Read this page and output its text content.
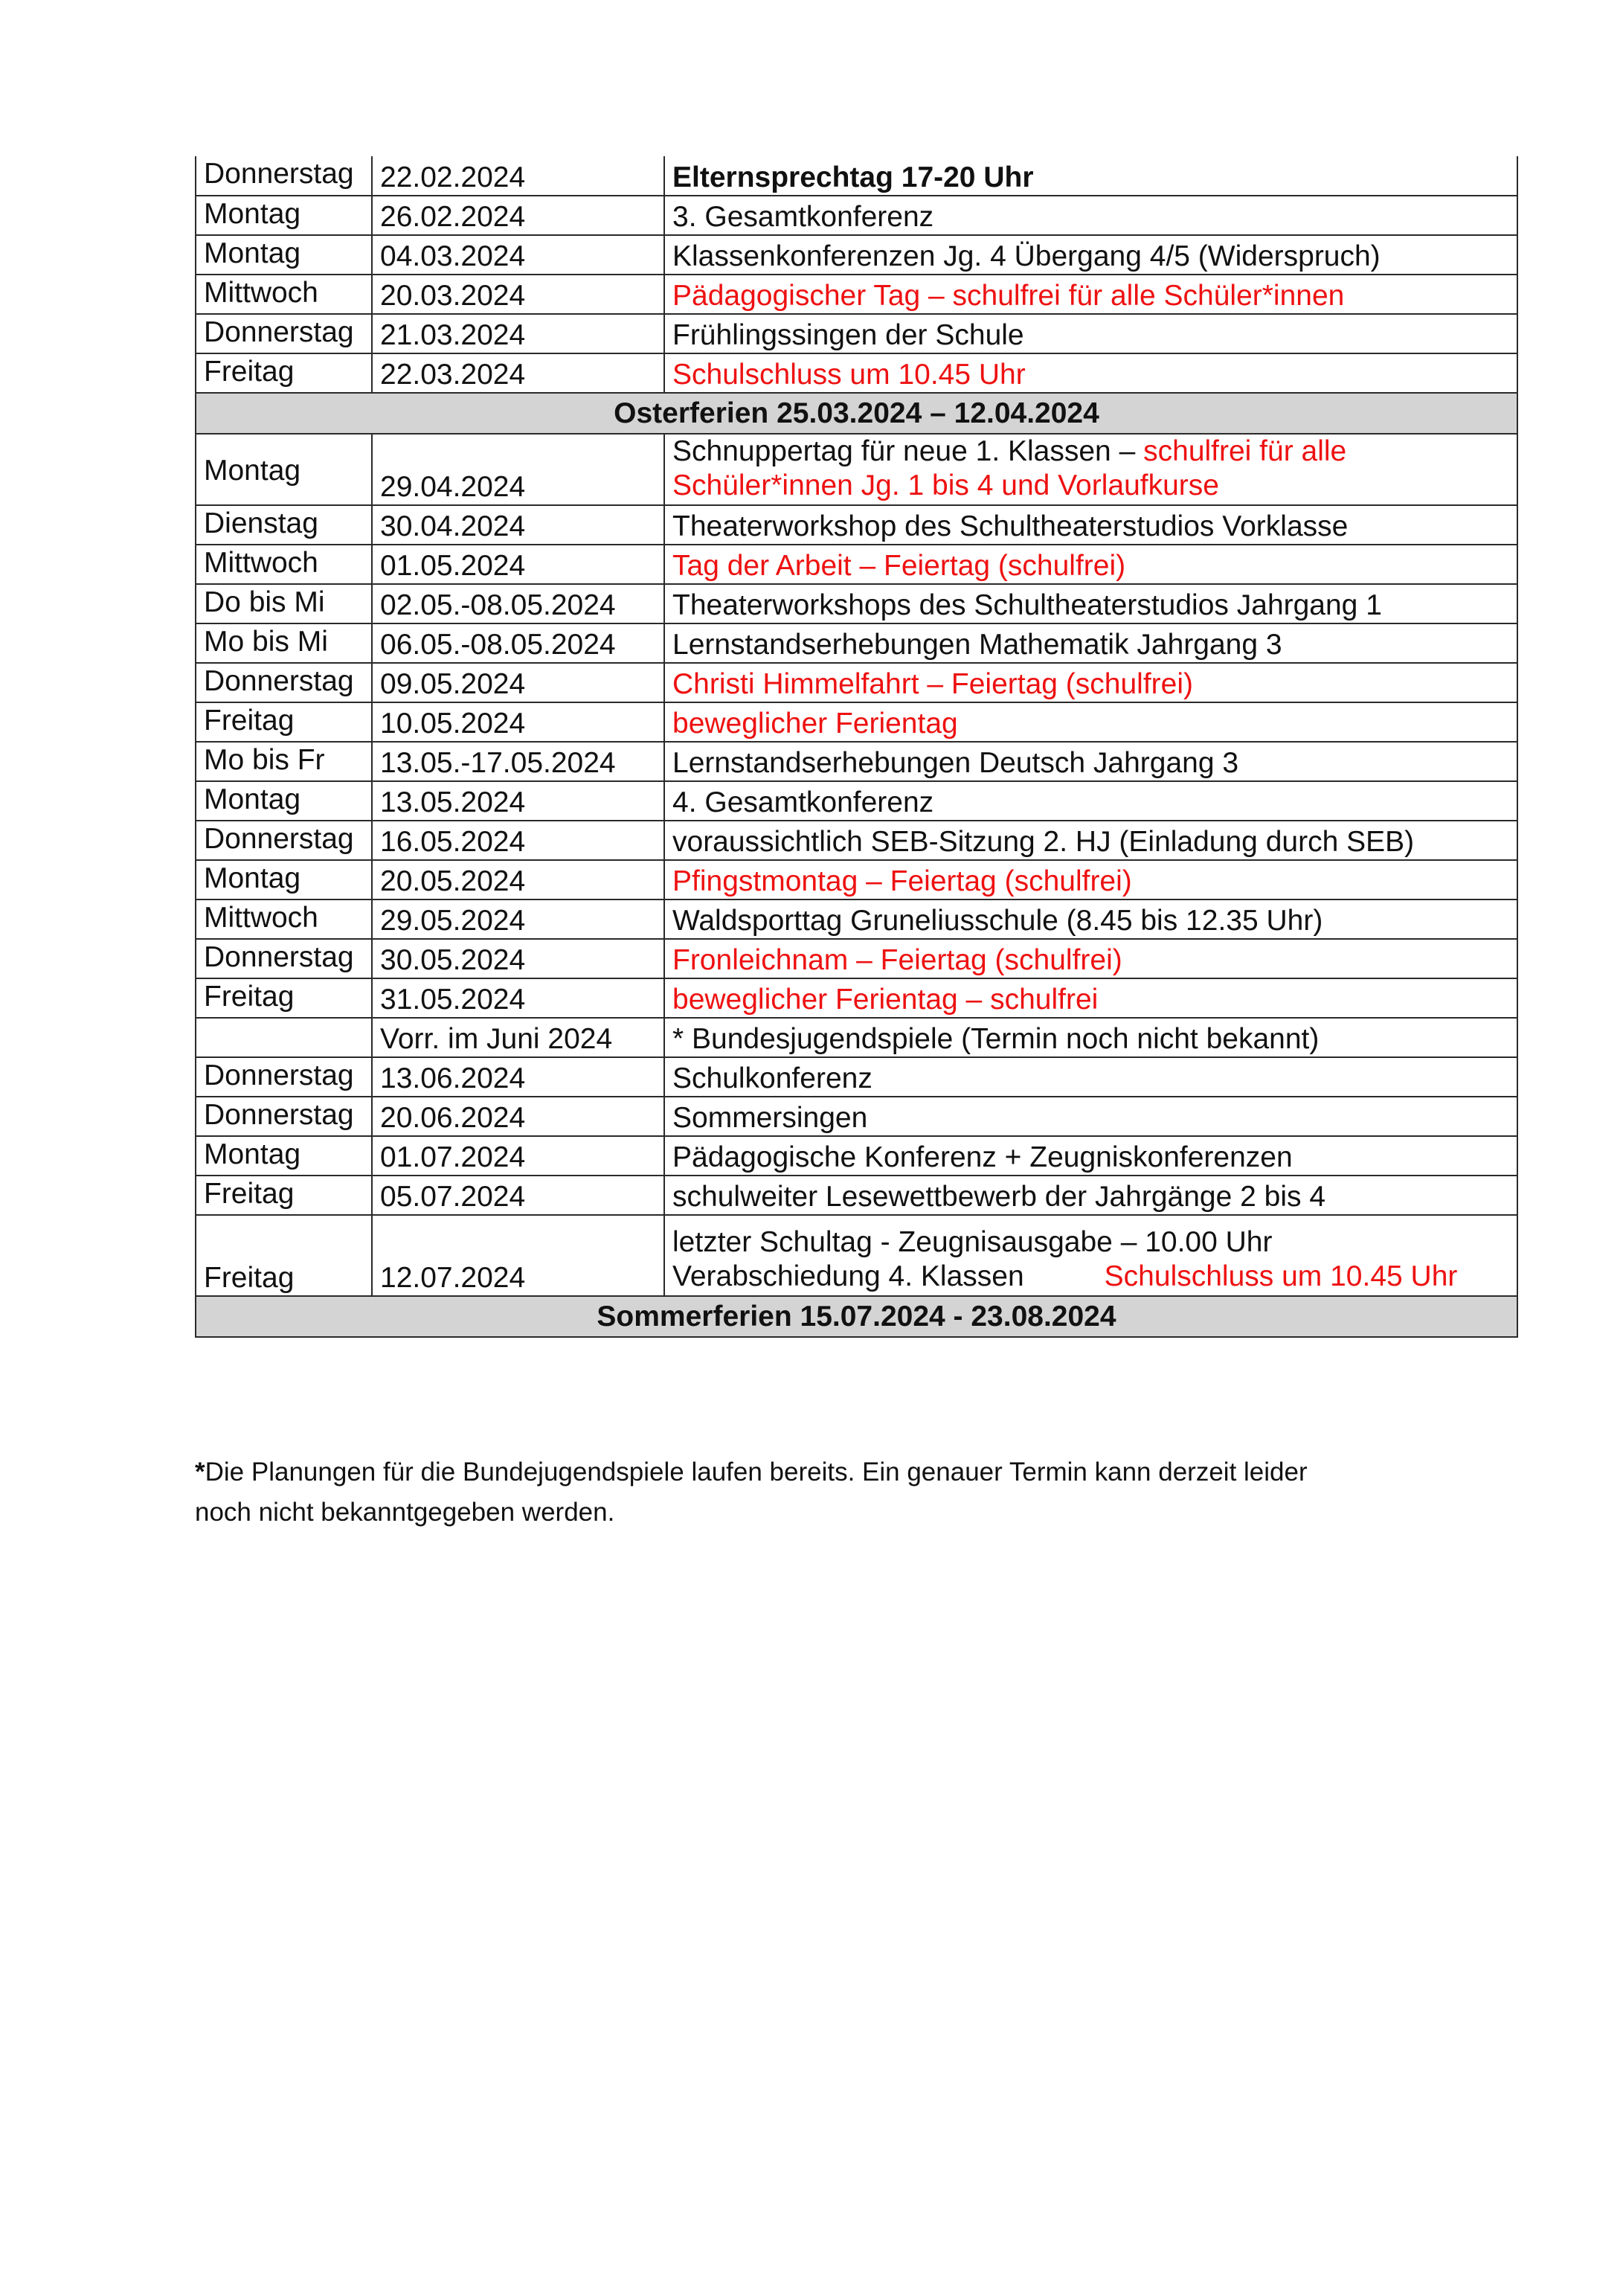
Donnerstag	22.02.2024	Elternsprechtag 17-20 Uhr
Montag	26.02.2024	3. Gesamtkonferenz
Montag	04.03.2024	Klassenkonferenzen Jg. 4 Übergang 4/5 (Widerspruch)
Mittwoch	20.03.2024	Pädagogischer Tag – schulfrei für alle Schüler*innen
Donnerstag	21.03.2024	Frühlingssingen der Schule
Freitag	22.03.2024	Schulschluss um 10.45 Uhr
Osterferien 25.03.2024 – 12.04.2024		
Montag	29.04.2024	Schnuppertag für neue 1. Klassen – schulfrei für alle Schüler*innen Jg. 1 bis 4 und Vorlaufkurse
Dienstag	30.04.2024	Theaterworkshop des Schultheaterstudios Vorklasse
Mittwoch	01.05.2024	Tag der Arbeit – Feiertag (schulfrei)
Do bis Mi	02.05.-08.05.2024	Theaterworkshops des Schultheaterstudios Jahrgang 1
Mo bis Mi	06.05.-08.05.2024	Lernstandserhebungen Mathematik Jahrgang 3
Donnerstag	09.05.2024	Christi Himmelfahrt – Feiertag (schulfrei)
Freitag	10.05.2024	beweglicher Ferientag
Mo bis Fr	13.05.-17.05.2024	Lernstandserhebungen Deutsch Jahrgang 3
Montag	13.05.2024	4. Gesamtkonferenz
Donnerstag	16.05.2024	voraussichtlich SEB-Sitzung 2. HJ (Einladung durch SEB)
Montag	20.05.2024	Pfingstmontag – Feiertag (schulfrei)
Mittwoch	29.05.2024	Waldsporttag Gruneliusschule (8.45 bis 12.35 Uhr)
Donnerstag	30.05.2024	Fronleichnam – Feiertag (schulfrei)
Freitag	31.05.2024	beweglicher Ferientag – schulfrei
	Vorr. im Juni 2024	* Bundesjugendspiele (Termin noch nicht bekannt)
Donnerstag	13.06.2024	Schulkonferenz
Donnerstag	20.06.2024	Sommersingen
Montag	01.07.2024	Pädagogische Konferenz + Zeugniskonferenzen
Freitag	05.07.2024	schulweiter Lesewettbewerb der Jahrgänge 2 bis 4
Freitag	12.07.2024	letzter Schultag - Zeugnisausgabe – 10.00 Uhr
Verabschiedung 4. Klassen Schulschluss um 10.45 Uhr
Sommerferien 15.07.2024 - 23.08.2024		
*Die Planungen für die Bundejugendspiele laufen bereits. Ein genauer Termin kann derzeit leider
noch nicht bekanntgegeben werden.
